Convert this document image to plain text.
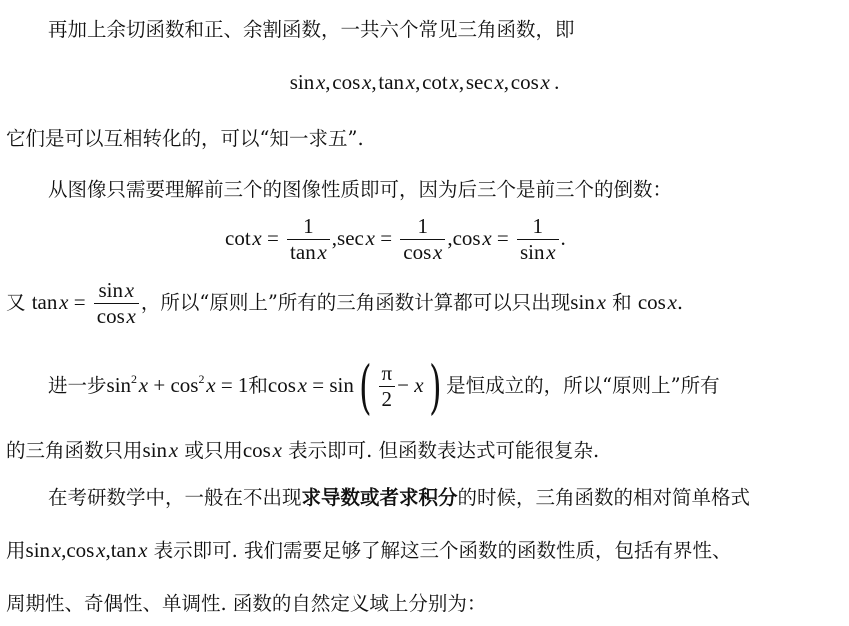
再加上余切函数和正、余割函数，一共六个常见三角函数，即
sin x, cos x, tan x, cot x, sec x, cos x  .
它们是可以互相转化的，可以“知一求五”.
从图像只需要理解前三个的图像性质即可，因为后三个是前三个的倒数：
cot $x = \frac{1}{\text{tan x}} ,\sec$ $x = \frac{1}{\text{cos x}} ,\cos$ $x = \frac{1}{\text{sin x}}$ .
又 tan $x = \frac{\text{sin x}}{\text{cos x}}$ ，所以“原则上”所有的三角函数计算都可以只出现sin x 和 cos x.
进一步$\sin^2$ $x + \cos^2$ x = 1和cos $x = \sin( \frac{\pi}{2} - x)$ 是恒成立的，所以“原则上”所有
的三角函数只用sin x 或只用cos x 表示即可. 但函数表达式可能很复杂.
在考研数学中，一般在不出现求导数或者求积分的时候，三角函数的相对简单格式
用sin x,cos x,tan x 表示即可. 我们需要足够了解这三个函数的函数性质，包括有界性、
周期性、奇偶性、单调性. 函数的自然定义域上分别为：
